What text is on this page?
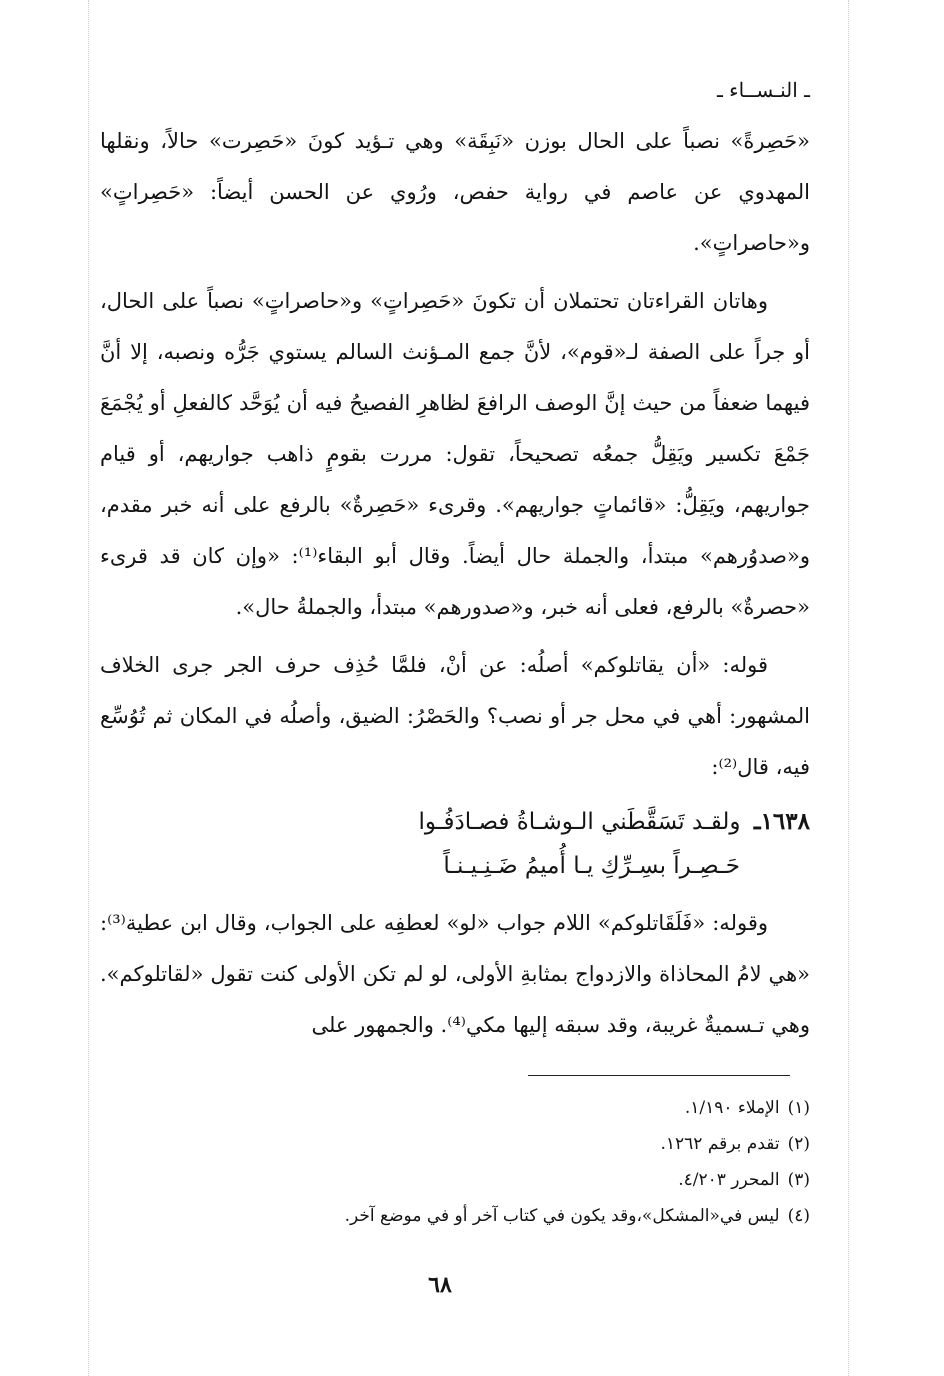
ـ النـســاء ـ

«حَصِرةً» نصباً على الحال بوزن «نَبِقَة» وهي تـؤيد كونَ «حَصِرت» حالاً، ونقلها المهدوي عن عاصم في رواية حفص، ورُوي عن الحسن أيضاً: «حَصِراتٍ» و«حاصراتٍ».

وهاتان القراءتان تحتملان أن تكونَ «حَصِراتٍ» و«حاصراتٍ» نصباً على الحال، أو جراً على الصفة لـ«قوم»، لأنَّ جمع المـؤنث السالم يستوي جَرُّه ونصبه، إلا أنَّ فيهما ضعفاً من حيث إنَّ الوصف الرافعَ لظاهرِ الفصيحُ فيه أن يُوَحَّد كالفعلِ أو يُجْمَعَ جَمْعَ تكسير ويَقِلُّ جمعُه تصحيحاً، تقول: مررت بقومٍ ذاهب جواريهم، أو قيام جواريهم، ويَقِلُّ: «قائماتٍ جواريهم». وقرىء «حَصِرةٌ» بالرفع على أنه خبر مقدم، و«صدوُرهم» مبتدأ، والجملة حال أيضاً. وقال أبو البقاء⁽¹⁾: «وإن كان قد قرىء «حصرةٌ» بالرفع، فعلى أنه خبر، و«صدورهم» مبتدأ، والجملةُ حال».

قوله: «أن يقاتلوكم» أصلُه: عن أنْ، فلمَّا حُذِف حرف الجر جرى الخلاف المشهور: أهي في محل جر أو نصب؟ والحَصْرُ: الضيق، وأصلُه في المكان ثم تُوُسِّع فيه، قال⁽²⁾:

١٦٣٨ـ ولقـد تَسَقَّطَني الـوشـاةُ فصـادَفُـوا
حَـصِـراً بسِـرِّكِ يـا أُميمُ ضَـنِـيـنـاً

وقوله: «فَلَقَاتلوكم» اللام جواب «لو» لعطفِه على الجواب، وقال ابن عطية⁽³⁾: «هي لامُ المحاذاة والازدواج بمثابةِ الأولى، لو لم تكن الأولى كنت تقول «لقاتلوكم». وهي تـسميةٌ غريبة، وقد سبقه إليها مكي⁽⁴⁾. والجمهور على

(١)الإملاء ١/١٩٠.
(٢)تقدم برقم ١٢٦٢.
(٣)المحرر ٤/٢٠٣.
(٤)ليس في«المشكل»،وقد يكون في كتاب آخر أو في موضع آخر.
٦٨
